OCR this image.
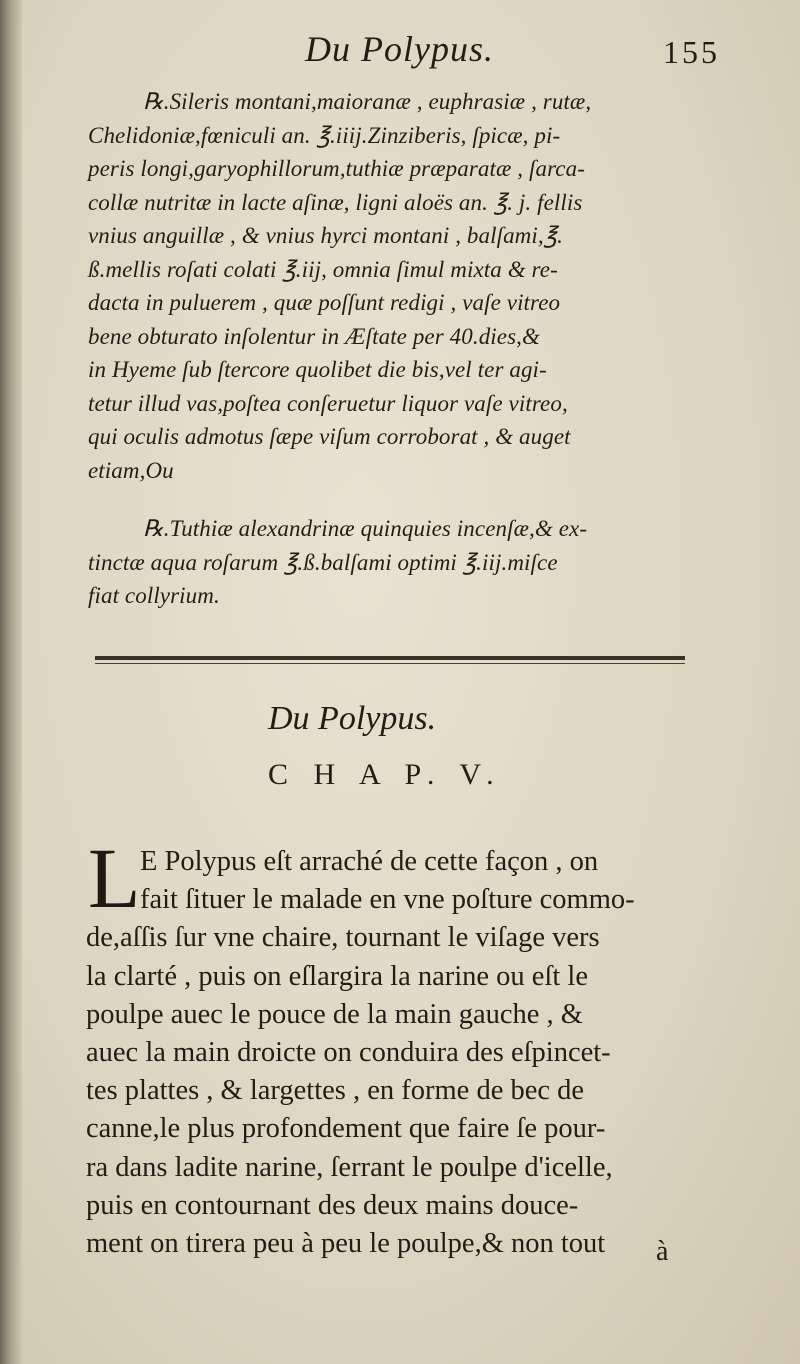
Du Polypus.	155
℞.Sileris montani,maioranæ , euphrasiæ , rutæ,
Chelidoniæ,fœniculi an. ℥.iiij.Zinziberis, ſpicæ, pi-
peris longi,garyophillorum,tuthiæ præparatæ , ſarca-
collæ nutritæ in lacte aſinæ, ligni aloës an. ℥. j. fellis
vnius anguillæ , & vnius hyrci montani , balſami,℥.
ß.mellis roſati colati ℥.iij, omnia ſimul mixta & re-
dacta in puluerem , quæ poſſunt redigi , vaſe vitreo
bene obturato inſolentur in Æſtate per 40.dies,&
in Hyeme ſub ſtercore quolibet die bis,vel ter agi-
tetur illud vas,poſtea conſeruetur liquor vaſe vitreo,
qui oculis admotus ſæpe viſum corroborat , & auget
etiam,Ou
℞.Tuthiæ alexandrinæ quinquies incenſæ,& ex-
tinctæ aqua roſarum ℥.ß.balſami optimi ℥.iij.miſce
fiat collyrium.
Du Polypus.
C H A P. V.
L E Polypus eſt arraché de cette façon , on
fait ſituer le malade en vne poſture commo-
de,aſſis ſur vne chaire, tournant le viſage vers
la clarté , puis on eſlargira la narine ou eſt le
poulpe auec le pouce de la main gauche , &
auec la main droicte on conduira des eſpincet-
tes plattes , & largettes , en forme de bec de
canne,le plus profondement que faire ſe pour-
ra dans ladite narine, ſerrant le poulpe d'icelle,
puis en contournant des deux mains douce-
ment on tirera peu à peu le poulpe,& non tout	à
